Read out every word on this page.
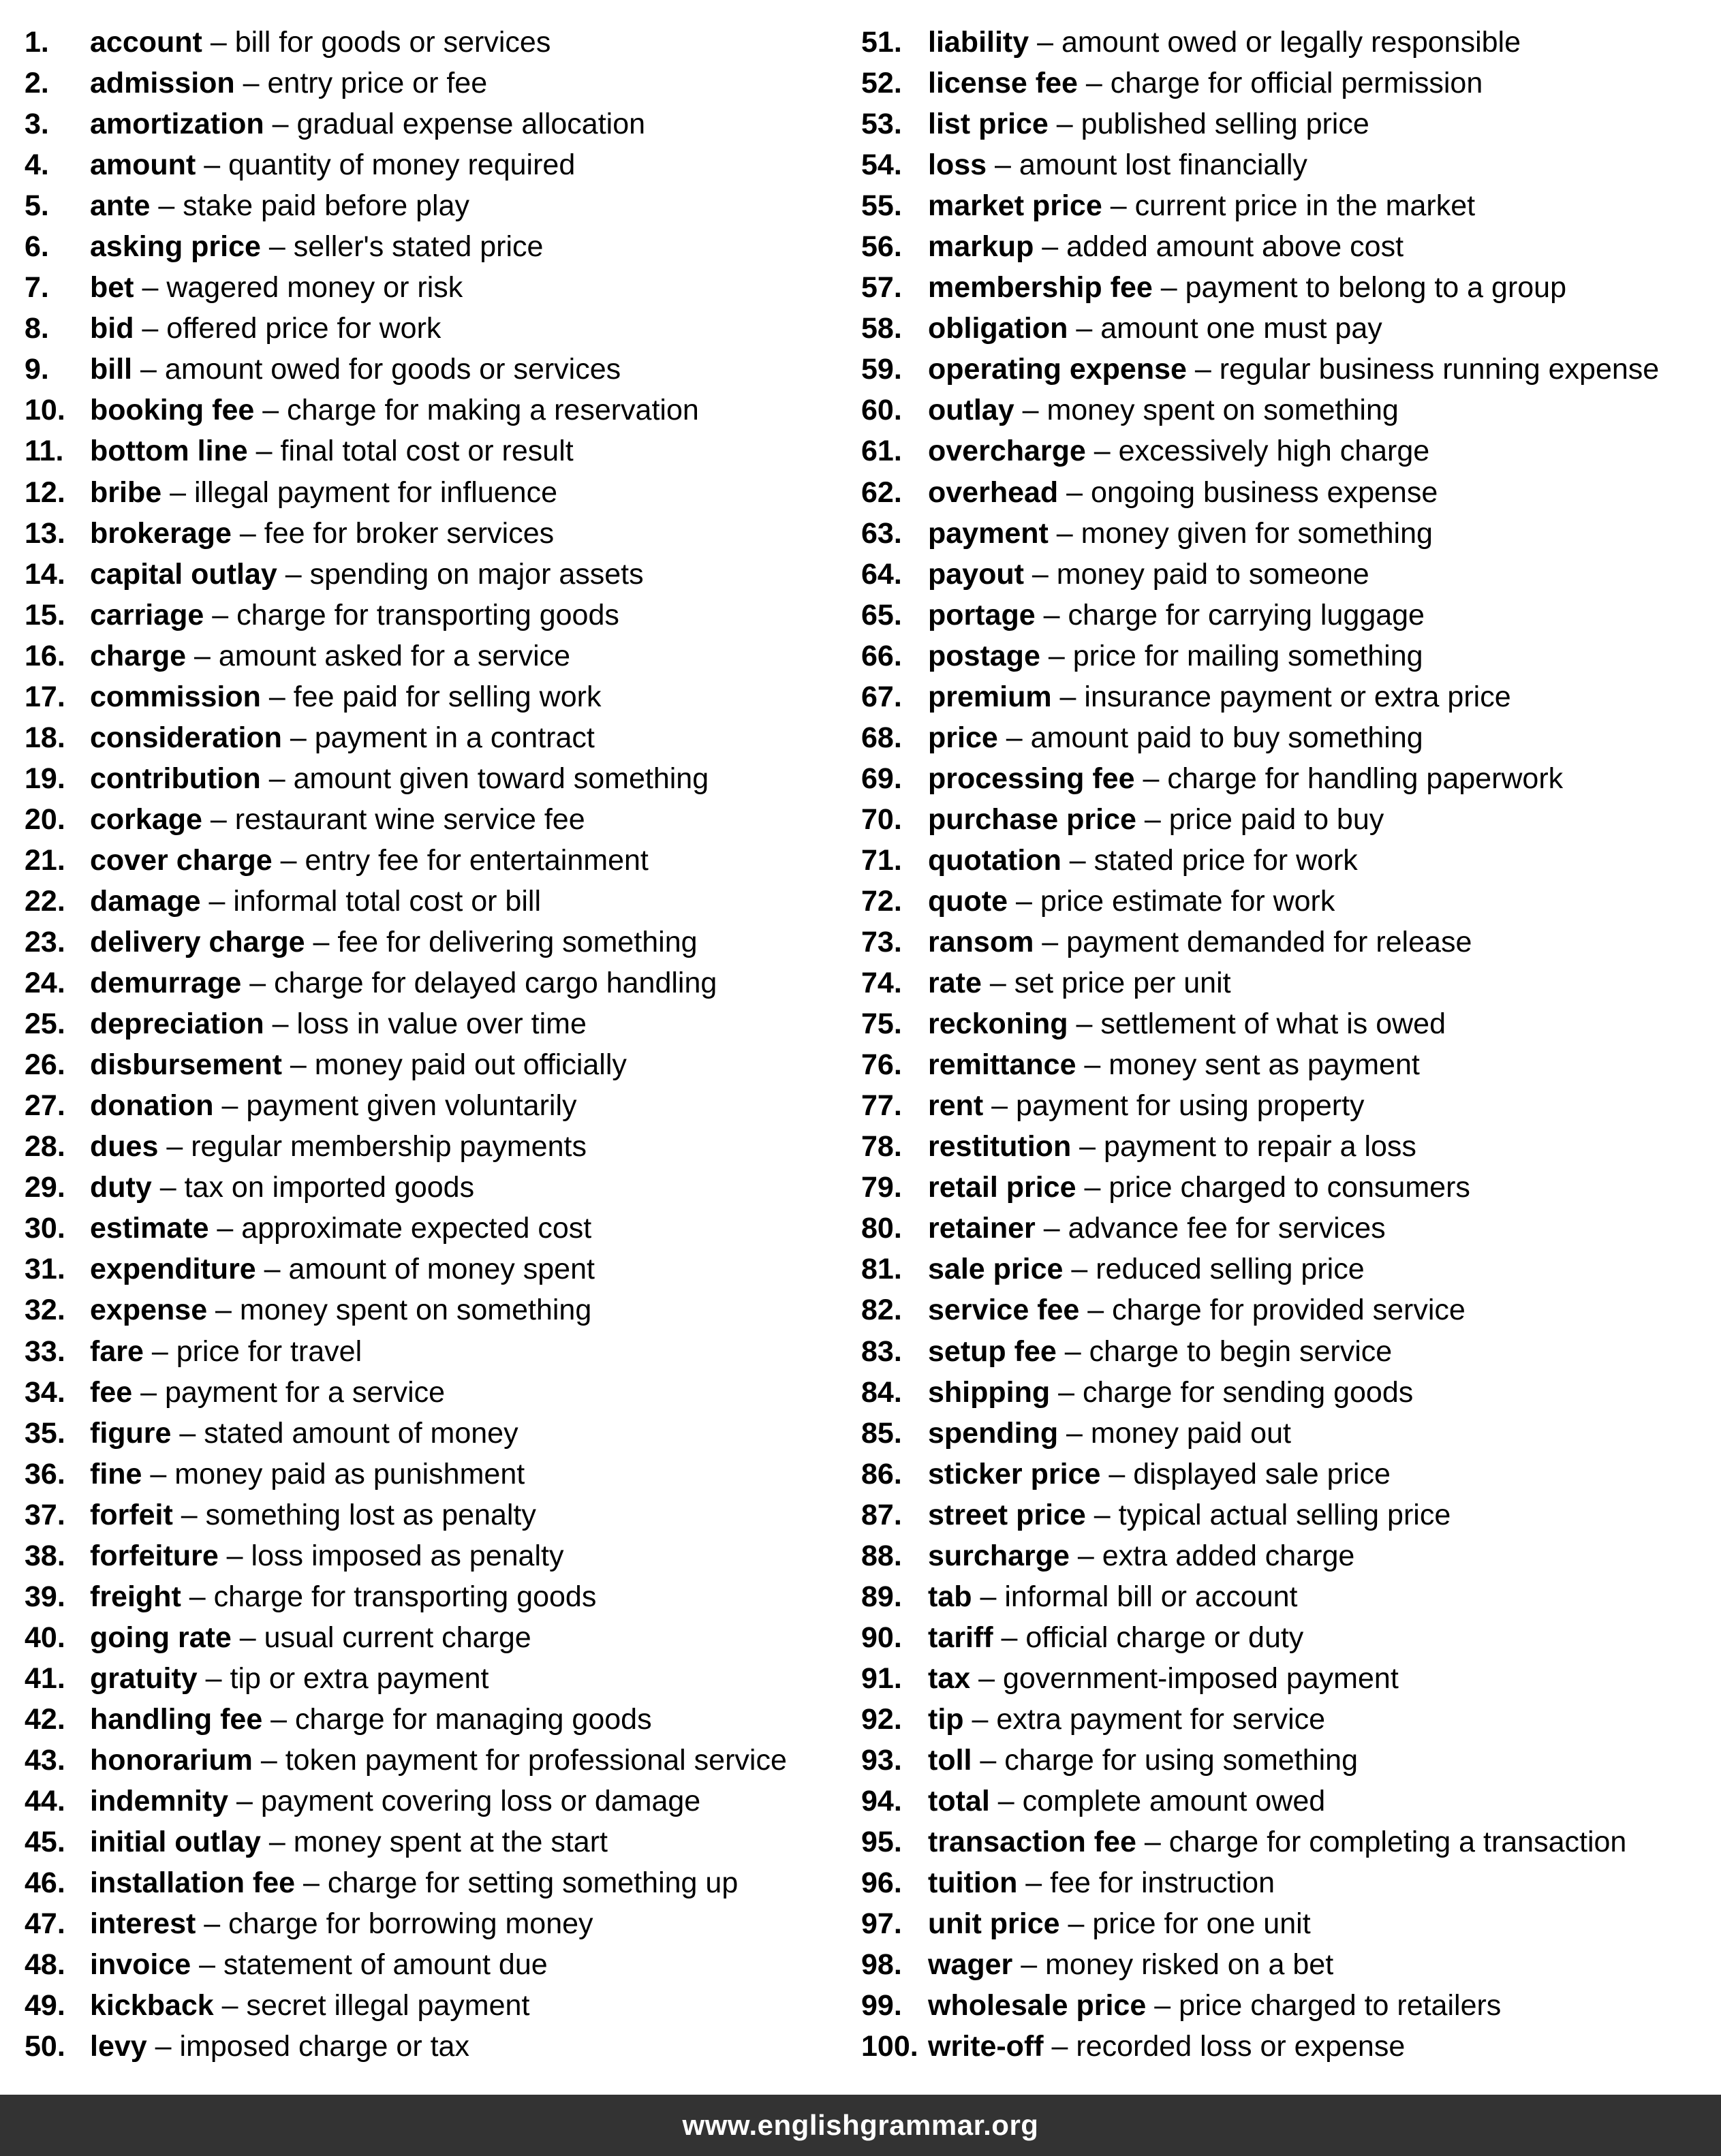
1. account – bill for goods or services
2. admission – entry price or fee
3. amortization – gradual expense allocation
4. amount – quantity of money required
5. ante – stake paid before play
6. asking price – seller's stated price
7. bet – wagered money or risk
8. bid – offered price for work
9. bill – amount owed for goods or services
10. booking fee – charge for making a reservation
11. bottom line – final total cost or result
12. bribe – illegal payment for influence
13. brokerage – fee for broker services
14. capital outlay – spending on major assets
15. carriage – charge for transporting goods
16. charge – amount asked for a service
17. commission – fee paid for selling work
18. consideration – payment in a contract
19. contribution – amount given toward something
20. corkage – restaurant wine service fee
21. cover charge – entry fee for entertainment
22. damage – informal total cost or bill
23. delivery charge – fee for delivering something
24. demurrage – charge for delayed cargo handling
25. depreciation – loss in value over time
26. disbursement – money paid out officially
27. donation – payment given voluntarily
28. dues – regular membership payments
29. duty – tax on imported goods
30. estimate – approximate expected cost
31. expenditure – amount of money spent
32. expense – money spent on something
33. fare – price for travel
34. fee – payment for a service
35. figure – stated amount of money
36. fine – money paid as punishment
37. forfeit – something lost as penalty
38. forfeiture – loss imposed as penalty
39. freight – charge for transporting goods
40. going rate – usual current charge
41. gratuity – tip or extra payment
42. handling fee – charge for managing goods
43. honorarium – token payment for professional service
44. indemnity – payment covering loss or damage
45. initial outlay – money spent at the start
46. installation fee – charge for setting something up
47. interest – charge for borrowing money
48. invoice – statement of amount due
49. kickback – secret illegal payment
50. levy – imposed charge or tax
51. liability – amount owed or legally responsible
52. license fee – charge for official permission
53. list price – published selling price
54. loss – amount lost financially
55. market price – current price in the market
56. markup – added amount above cost
57. membership fee – payment to belong to a group
58. obligation – amount one must pay
59. operating expense – regular business running expense
60. outlay – money spent on something
61. overcharge – excessively high charge
62. overhead – ongoing business expense
63. payment – money given for something
64. payout – money paid to someone
65. portage – charge for carrying luggage
66. postage – price for mailing something
67. premium – insurance payment or extra price
68. price – amount paid to buy something
69. processing fee – charge for handling paperwork
70. purchase price – price paid to buy
71. quotation – stated price for work
72. quote – price estimate for work
73. ransom – payment demanded for release
74. rate – set price per unit
75. reckoning – settlement of what is owed
76. remittance – money sent as payment
77. rent – payment for using property
78. restitution – payment to repair a loss
79. retail price – price charged to consumers
80. retainer – advance fee for services
81. sale price – reduced selling price
82. service fee – charge for provided service
83. setup fee – charge to begin service
84. shipping – charge for sending goods
85. spending – money paid out
86. sticker price – displayed sale price
87. street price – typical actual selling price
88. surcharge – extra added charge
89. tab – informal bill or account
90. tariff – official charge or duty
91. tax – government-imposed payment
92. tip – extra payment for service
93. toll – charge for using something
94. total – complete amount owed
95. transaction fee – charge for completing a transaction
96. tuition – fee for instruction
97. unit price – price for one unit
98. wager – money risked on a bet
99. wholesale price – price charged to retailers
100. write-off – recorded loss or expense
www.englishgrammar.org
